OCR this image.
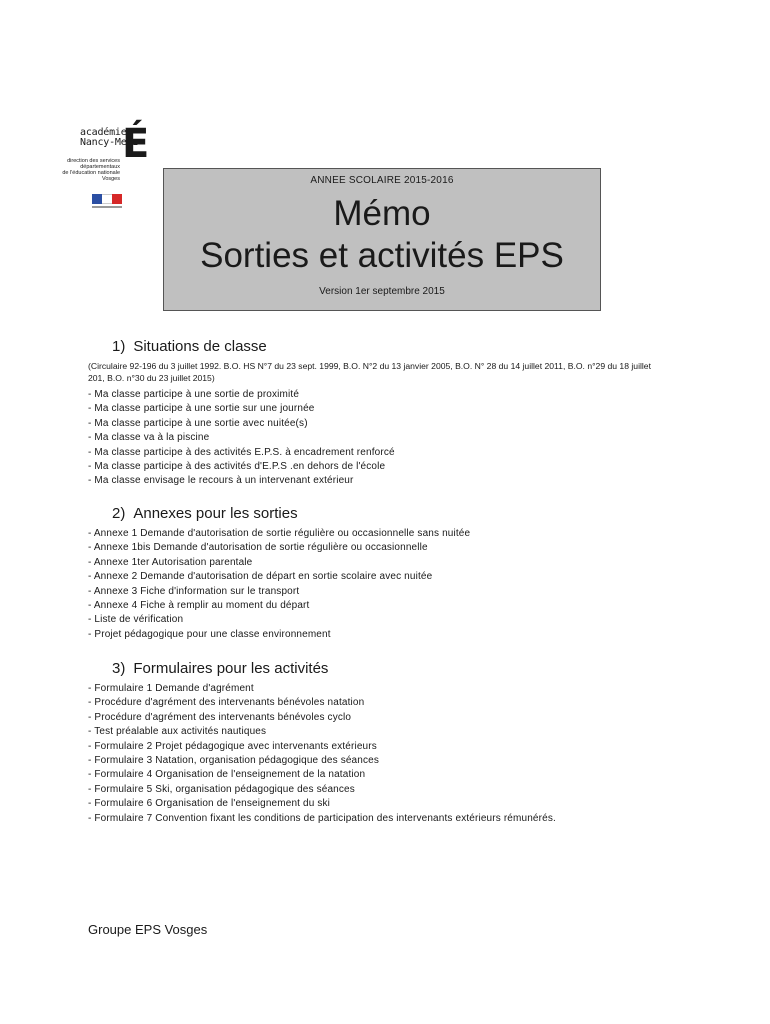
académie
Nancy-Metz
É
direction des services
départementaux
de l'éducation nationale
Vosges	ANNEE SCOLAIRE 2015-2016
Mémo
Sorties et activités EPS
Version 1er septembre 2015
1) Situations de classe
(Circulaire 92-196 du 3 juillet 1992. B.O. HS N°7 du 23 sept. 1999, B.O. N°2 du 13 janvier 2005, B.O. N° 28 du 14 juillet 2011, B.O. n°29 du 18 juillet 201, B.O. n°30 du 23 juillet 2015)
- Ma classe participe à une sortie de proximité
- Ma classe participe à une sortie sur une journée
- Ma classe participe à une sortie avec nuitée(s)
- Ma classe va à la piscine
- Ma classe participe à des activités E.P.S. à encadrement renforcé
- Ma classe participe à des activités d'E.P.S .en dehors de l'école
- Ma classe envisage le recours à un intervenant extérieur
2) Annexes pour les sorties
- Annexe 1 Demande d'autorisation de sortie régulière ou occasionnelle sans nuitée
- Annexe 1bis Demande d'autorisation de sortie régulière ou occasionnelle
- Annexe 1ter Autorisation parentale
- Annexe 2 Demande d'autorisation de départ en sortie scolaire avec nuitée
- Annexe 3 Fiche d'information sur le transport
- Annexe 4 Fiche à remplir au moment du départ
- Liste de vérification
- Projet pédagogique pour une classe environnement
3) Formulaires pour les activités
- Formulaire 1 Demande d'agrément
- Procédure d'agrément des intervenants bénévoles natation
- Procédure d'agrément des intervenants bénévoles cyclo
- Test préalable aux activités nautiques
- Formulaire 2 Projet pédagogique avec intervenants extérieurs
- Formulaire 3 Natation, organisation pédagogique des séances
- Formulaire 4 Organisation de l'enseignement de la natation
- Formulaire 5 Ski, organisation pédagogique des séances
- Formulaire 6 Organisation de l'enseignement du ski
- Formulaire 7 Convention fixant les conditions de participation des intervenants extérieurs rémunérés.
Groupe EPS Vosges
